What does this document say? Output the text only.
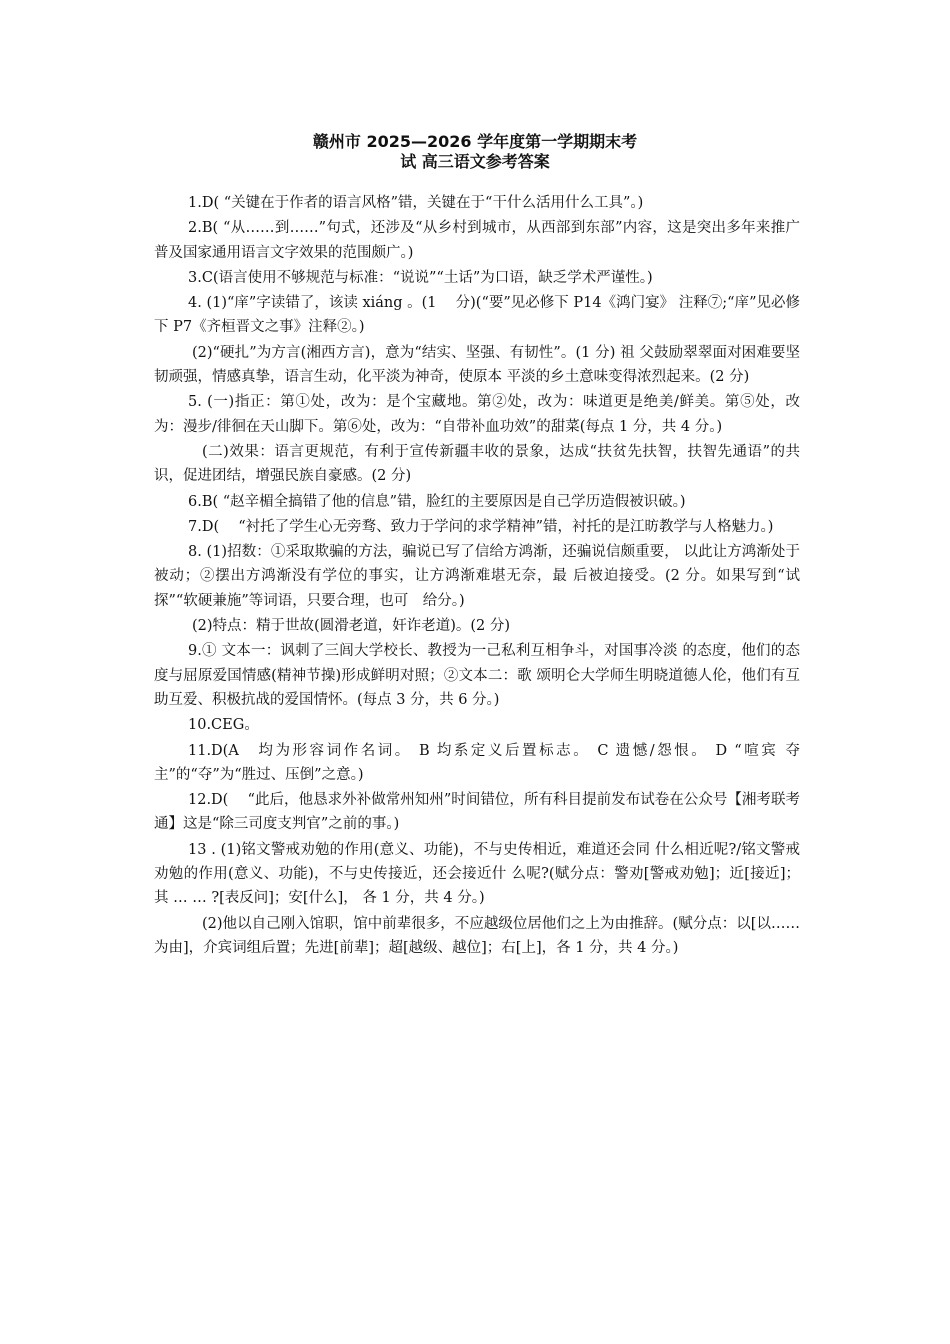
赣州市 2025—2026 学年度第一学期期末考
试 高三语文参考答案

1.D( “关键在于作者的语言风格”错，关键在于“干什么活用什么工具”。)

2.B( “从……到……”句式，还涉及“从乡村到城市，从西部到东部”内容，这是突出多年来推广普及国家通用语言文字效果的范围颇广。)

3.C(语言使用不够规范与标准：“说说”“土话”为口语，缺乏学术严谨性。)

4. (1)“庠”字读错了，该读 xiáng 。(1　 分)(“要”见必修下 P14《鸿门宴》 注释⑦;“庠”见必修下 P7《齐桓晋文之事》注释②。)

(2)“硬扎”为方言(湘西方言)，意为“结实、坚强、有韧性”。(1 分) 祖 父鼓励翠翠面对困难要坚韧顽强，情感真挚，语言生动，化平淡为神奇，使原本 平淡的乡土意味变得浓烈起来。(2 分)

5. (一)指正：第①处，改为：是个宝藏地。第②处，改为：味道更是绝美/鲜美。第⑤处，改为：漫步/徘徊在天山脚下。第⑥处，改为：“自带补血功效”的甜菜(每点 1 分，共 4 分。)

(二)效果：语言更规范，有利于宣传新疆丰收的景象，达成“扶贫先扶智，扶智先通语”的共识，促进团结，增强民族自豪感。(2 分)

6.B( “赵辛楣全搞错了他的信息”错，脸红的主要原因是自己学历造假被识破。)

7.D( 　“衬托了学生心无旁骛、致力于学问的求学精神”错，衬托的是江昉教学与人格魅力。)

8. (1)招数：①采取欺骗的方法，骗说已写了信给方鸿渐，还骗说信颇重要， 以此让方鸿渐处于被动；②摆出方鸿渐没有学位的事实，让方鸿渐难堪无奈，最 后被迫接受。(2 分。如果写到“试探”“软硬兼施”等词语，只要合理，也可　给分。)

(2)特点：精于世故(圆滑老道，奸诈老道)。(2 分)

9.① 文本一：讽刺了三闾大学校长、教授为一己私利互相争斗，对国事冷淡 的态度，他们的态度与屈原爱国情感(精神节操)形成鲜明对照；②文本二：歌 颂明仑大学师生明晓道德人伦，他们有互助互爱、积极抗战的爱国情怀。(每点 3 分，共 6 分。)

10.CEG。

11.D(A　均为形容词作名词。 B 均系定义后置标志。 C 遗憾/怨恨。 D “喧宾 夺主”的“夺”为“胜过、压倒”之意。)

12.D( 　“此后，他恳求外补做常州知州”时间错位，所有科目提前发布试卷在公众号【湘考联考通】这是“除三司度支判官”之前的事。)

13 . (1)铭文警戒劝勉的作用(意义、功能)，不与史传相近，难道还会同 什么相近呢?/铭文警戒劝勉的作用(意义、功能)，不与史传接近，还会接近什 么呢?(赋分点：警劝[警戒劝勉]；近[接近]；其 … … ?[表反问]；安[什么]， 各 1 分，共 4 分。)

(2)他以自己刚入馆职，馆中前辈很多，不应越级位居他们之上为由推辞。(赋分点：以[以……为由]，介宾词组后置；先进[前辈]；超[越级、越位]；右[上]，各 1 分，共 4 分。)
